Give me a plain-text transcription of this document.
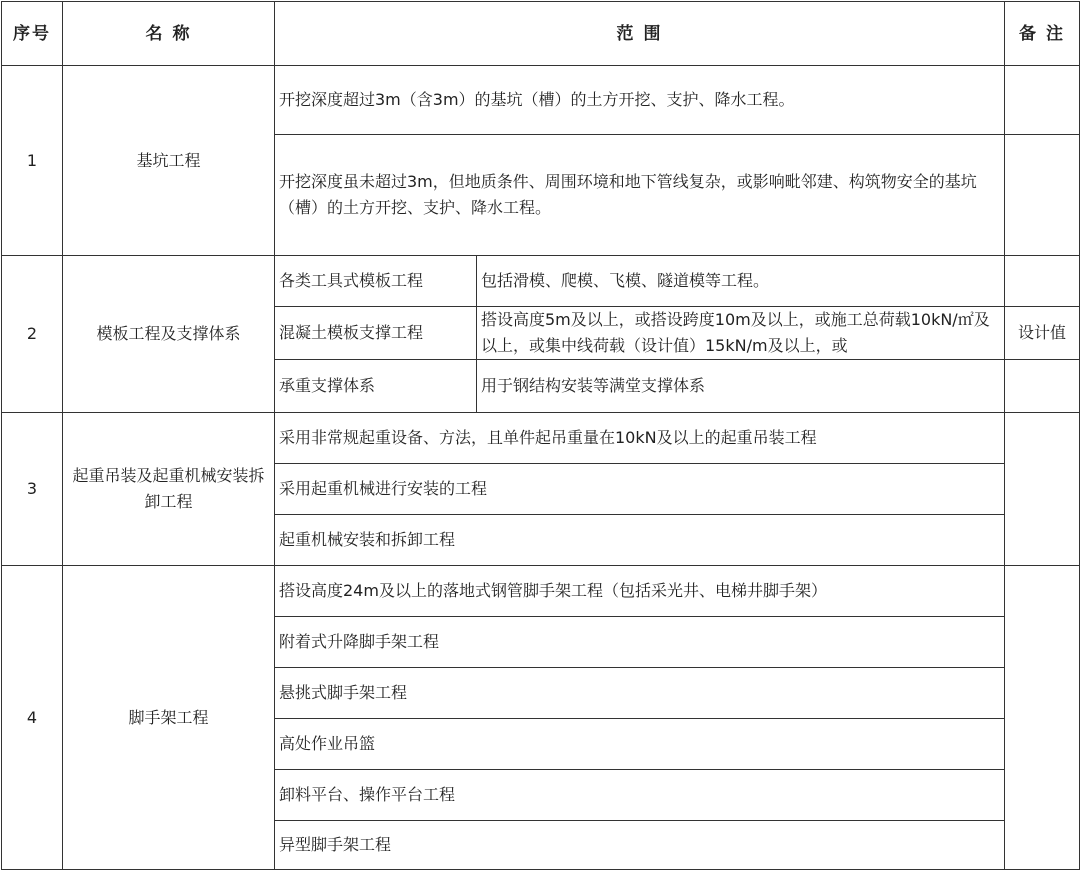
序号	名 称	范 围		备 注
1	基坑工程	开挖深度超过3m（含3m）的基坑（槽）的土方开挖、支护、降水工程。		
		开挖深度虽未超过3m，但地质条件、周围环境和地下管线复杂，或影响毗邻建、构筑物安全的基坑（槽）的土方开挖、支护、降水工程。		
2	模板工程及支撑体系	各类工具式模板工程	包括滑模、爬模、飞模、隧道模等工程。	
		混凝土模板支撑工程	搭设高度5m及以上，或搭设跨度10m及以上，或施工总荷载10kN/㎡及以上，或集中线荷载（设计值）15kN/m及以上，或	设计值
		承重支撑体系	用于钢结构安装等满堂支撑体系	
3	起重吊装及起重机械安装拆卸工程	采用非常规起重设备、方法，且单件起吊重量在10kN及以上的起重吊装工程		
		采用起重机械进行安装的工程		
		起重机械安装和拆卸工程		
4	脚手架工程	搭设高度24m及以上的落地式钢管脚手架工程（包括采光井、电梯井脚手架）		
		附着式升降脚手架工程		
		悬挑式脚手架工程		
		高处作业吊篮		
		卸料平台、操作平台工程		
		异型脚手架工程		
